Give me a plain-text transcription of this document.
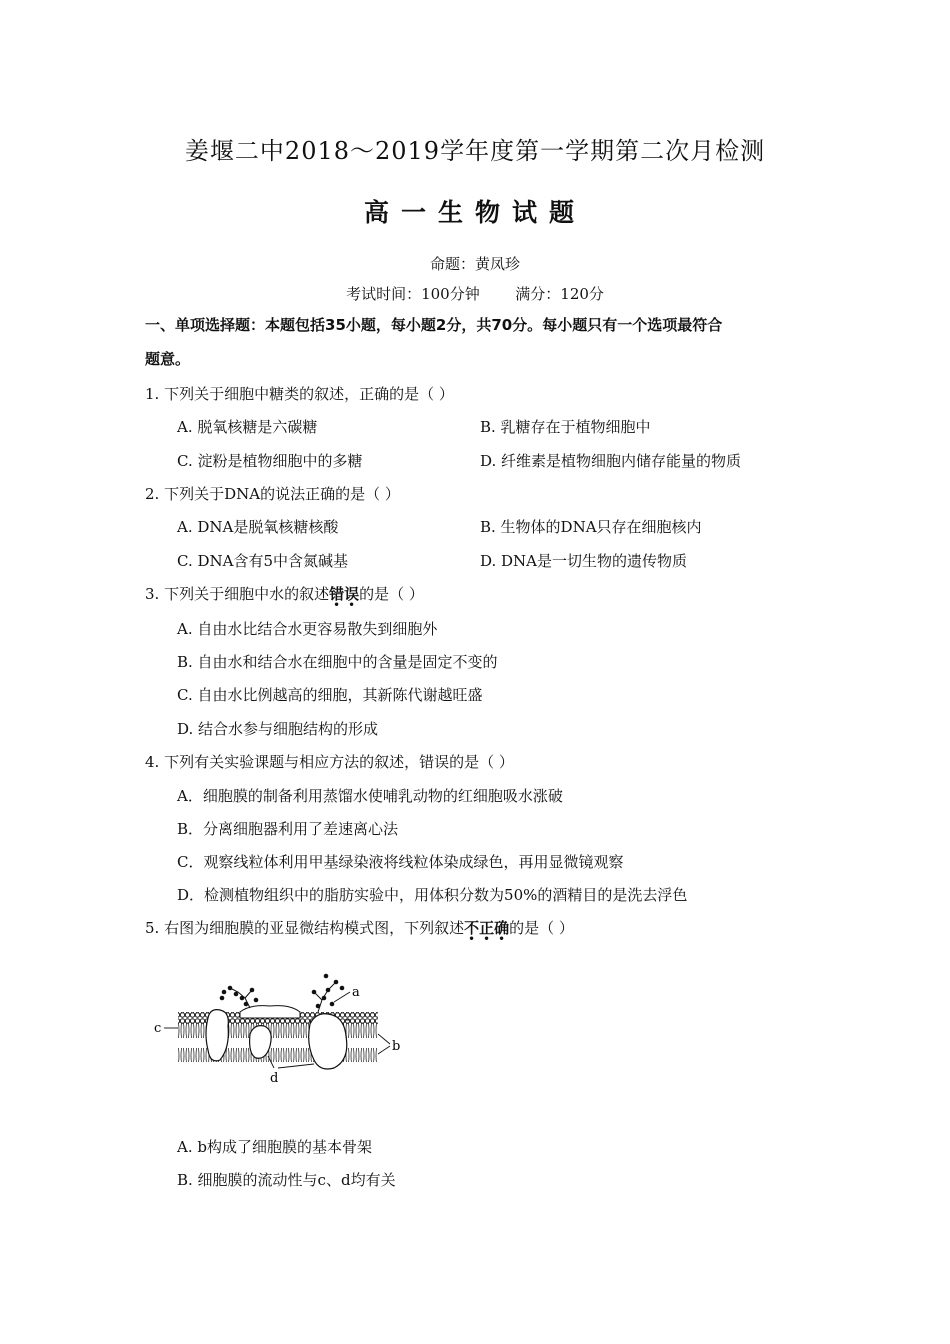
姜堰二中2018～2019学年度第一学期第二次月检测
高一生物试题
命题：黄凤珍
考试时间：100分钟 满分：120分
一、单项选择题：本题包括35小题，每小题2分，共70分。每小题只有一个选项最符合
题意。
1. 下列关于细胞中糖类的叙述，正确的是（ ）
A. 脱氧核糖是六碳糖	B. 乳糖存在于植物细胞中
C. 淀粉是植物细胞中的多糖	D. 纤维素是植物细胞内储存能量的物质
2. 下列关于DNA的说法正确的是（ ）
A. DNA是脱氧核糖核酸	B. 生物体的DNA只存在细胞核内
C. DNA含有5中含氮碱基	D. DNA是一切生物的遗传物质
3. 下列关于细胞中水的叙述错
•
误
•
的是（ ）
A. 自由水比结合水更容易散失到细胞外
B. 自由水和结合水在细胞中的含量是固定不变的
C. 自由水比例越高的细胞，其新陈代谢越旺盛
D. 结合水参与细胞结构的形成
4. 下列有关实验课题与相应方法的叙述，错误的是（ ）
A．细胞膜的制备利用蒸馏水使哺乳动物的红细胞吸水涨破
B．分离细胞器利用了差速离心法
C．观察线粒体利用甲基绿染液将线粒体染成绿色，再用显微镜观察
D．检测植物组织中的脂肪实验中，用体积分数为50%的酒精目的是洗去浮色
5. 右图为细胞膜的亚显微结构模式图，下列叙述不
•
正
•
确
•
的是（ ）
a
b
c
d
A. b构成了细胞膜的基本骨架
B. 细胞膜的流动性与c、d均有关
